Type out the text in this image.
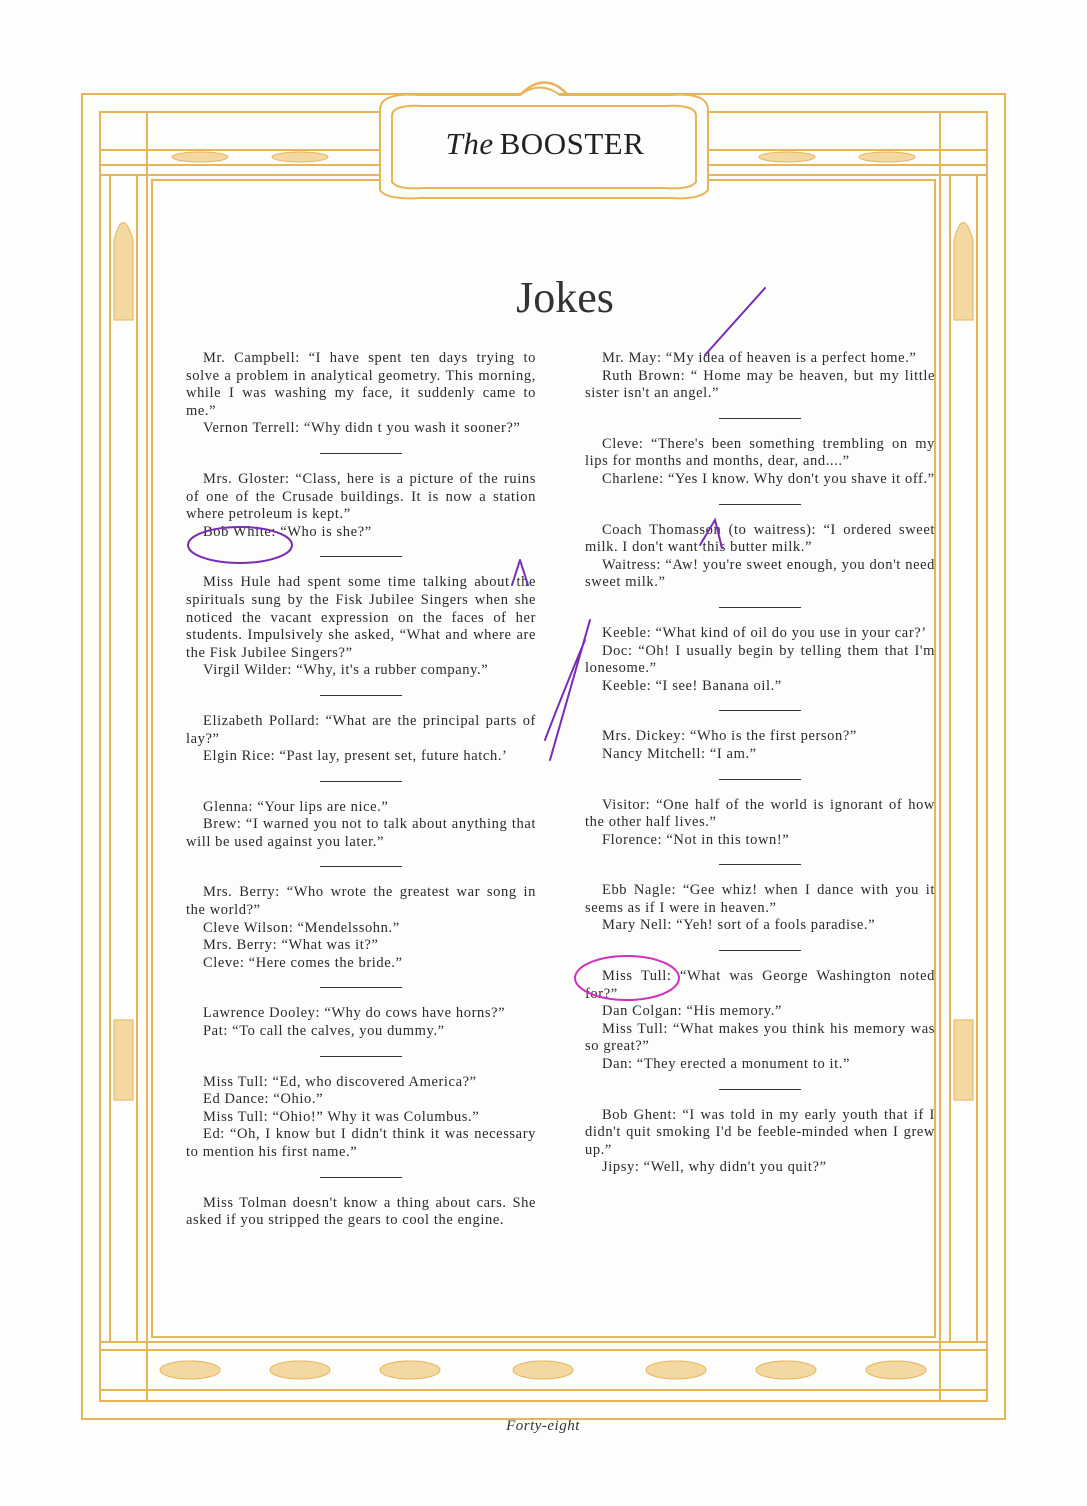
The BOOSTER
Jokes

Mr. Campbell: “I have spent ten days trying to solve a problem in analytical geometry. This morning, while I was washing my face, it suddenly came to me.”

Vernon Terrell: “Why didn t you wash it sooner?”

Mrs. Gloster: “Class, here is a picture of the ruins of one of the Crusade buildings. It is now a station where petroleum is kept.”

Bob White: “Who is she?”

Miss Hule had spent some time talking about the spirituals sung by the Fisk Jubilee Singers when she noticed the vacant expression on the faces of her students. Impulsively she asked, “What and where are the Fisk Jubilee Singers?”

Virgil Wilder: “Why, it's a rubber company.”

Elizabeth Pollard: “What are the principal parts of lay?”

Elgin Rice: “Past lay, present set, future hatch.’

Glenna: “Your lips are nice.”

Brew: “I warned you not to talk about anything that will be used against you later.”

Mrs. Berry: “Who wrote the greatest war song in the world?”

Cleve Wilson: “Mendelssohn.”

Mrs. Berry: “What was it?”

Cleve: “Here comes the bride.”

Lawrence Dooley: “Why do cows have horns?”

Pat: “To call the calves, you dummy.”

Miss Tull: “Ed, who discovered America?”

Ed Dance: “Ohio.”

Miss Tull: “Ohio!” Why it was Columbus.”

Ed: “Oh, I know but I didn't think it was necessary to mention his first name.”

Miss Tolman doesn't know a thing about cars. She asked if you stripped the gears to cool the engine.

Mr. May: “My idea of heaven is a perfect home.”

Ruth Brown: “ Home may be heaven, but my little sister isn't an angel.”

Cleve: “There's been something trembling on my lips for months and months, dear, and....”

Charlene: “Yes I know. Why don't you shave it off.”

Coach Thomasson (to waitress): “I ordered sweet milk. I don't want this butter milk.”

Waitress: “Aw! you're sweet enough, you don't need sweet milk.”

Keeble: “What kind of oil do you use in your car?’

Doc: “Oh! I usually begin by telling them that I'm lonesome.”

Keeble: “I see! Banana oil.”

Mrs. Dickey: “Who is the first person?”

Nancy Mitchell: “I am.”

Visitor: “One half of the world is ignorant of how the other half lives.”

Florence: “Not in this town!”

Ebb Nagle: “Gee whiz! when I dance with you it seems as if I were in heaven.”

Mary Nell: “Yeh! sort of a fools paradise.”

Miss Tull: “What was George Washington noted for?”

Dan Colgan: “His memory.”

Miss Tull: “What makes you think his memory was so great?”

Dan: “They erected a monument to it.”

Bob Ghent: “I was told in my early youth that if I didn't quit smoking I'd be feeble-minded when I grew up.”

Jipsy: “Well, why didn't you quit?”

Forty-eight
